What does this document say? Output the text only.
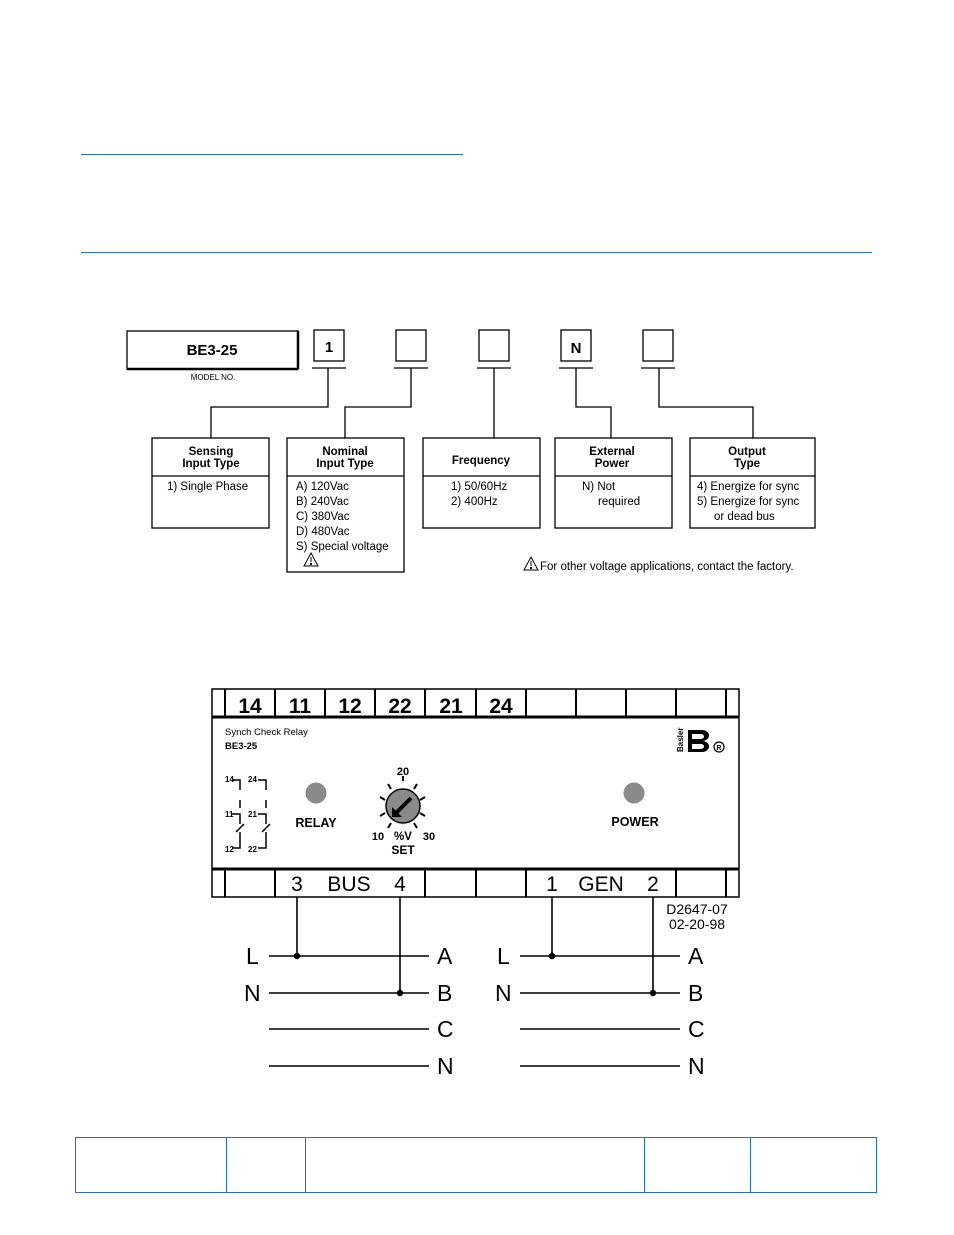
BE3-25
MODEL NO.
1	N
Sensing
Input Type
Nominal
Input Type	Frequency
External
Power
Output
Type
1) Single Phase	A) 120Vac
B) 240Vac
C) 380Vac
D) 480Vac
S) Special voltage
1) 50/60Hz
2) 400Hz
N) Not
required
4) Energize for sync
5) Energize for sync
or dead bus
For other voltage applications, contact the factory.
14 11 12 22 21 24
Synch Check Relay
BE3-25	Basler	R
14 24
11 21
12 22
RELAY
20
10 %V 30
SET
POWER
3 BUS 4	1 GEN 2
D2647-07
02-20-98
L
N
A
B
C
N
L
N
A
B
C
N
